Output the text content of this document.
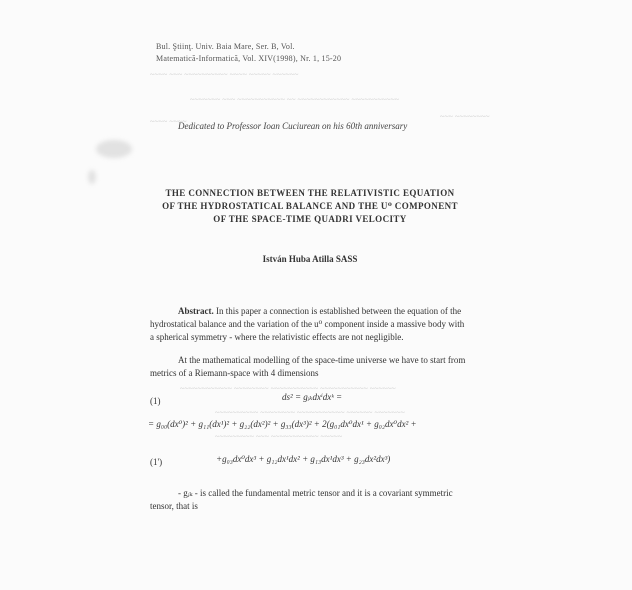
~~~~ ~~~ ~~~~~~~~~~ ~~~~ ~~~~~ ~~~~~~
~~~~~~~ ~~~ ~~~~~~~~~~~ ~~ ~~~~~~~~~~~~ ~~~~~~~~~~~
~~~~ ~~~~
~~~ ~~~~~~~~
~~~~~~~~~~~~ ~~~~~~~~ ~~~~~~~~~~~ ~~~~~~~~~~~ ~~~~~~
~~~~~~~~~~ ~~~~~~~~ ~~~~~~~~~~~ ~~~~~~ ~~~~~~~
~~~~~~~~~ ~~~ ~~~~~~~~~~~ ~~~~~
Bul. Ştiinţ. Univ. Baia Mare, Ser. B, Vol.
Matematică-Informatică, Vol. XIV(1998), Nr. 1, 15-20
Dedicated to Professor Ioan Cuciurean on his 60th anniversary
THE CONNECTION BETWEEN THE RELATIVISTIC EQUATION
OF THE HYDROSTATICAL BALANCE AND THE U⁰ COMPONENT
OF THE SPACE-TIME QUADRI VELOCITY
István Huba Atilla SASS
Abstract. In this paper a connection is established between the equation of the
hydrostatical balance and the variation of the u⁰ component inside a massive body with
a spherical symmetry - where the relativistic effects are not negligible.
At the mathematical modelling of the space-time universe we have to start from
metrics of a Riemann-space with 4 dimensions
(1)	ds² = gᵢₖdxⁱdxᵏ =
= g₀₀(dx⁰)² + g₁₁(dx¹)² + g₂₂(dx²)² + g₃₃(dx³)² + 2(g₀₁dx⁰dx¹ + g₀₂dx⁰dx² +
(1')	+g₀₃dx⁰dx³ + g₁₂dx¹dx² + g₁₃dx¹dx³ + g₂₃dx²dx³)
- gᵢₖ - is called the fundamental metric tensor and it is a covariant symmetric
tensor, that is
